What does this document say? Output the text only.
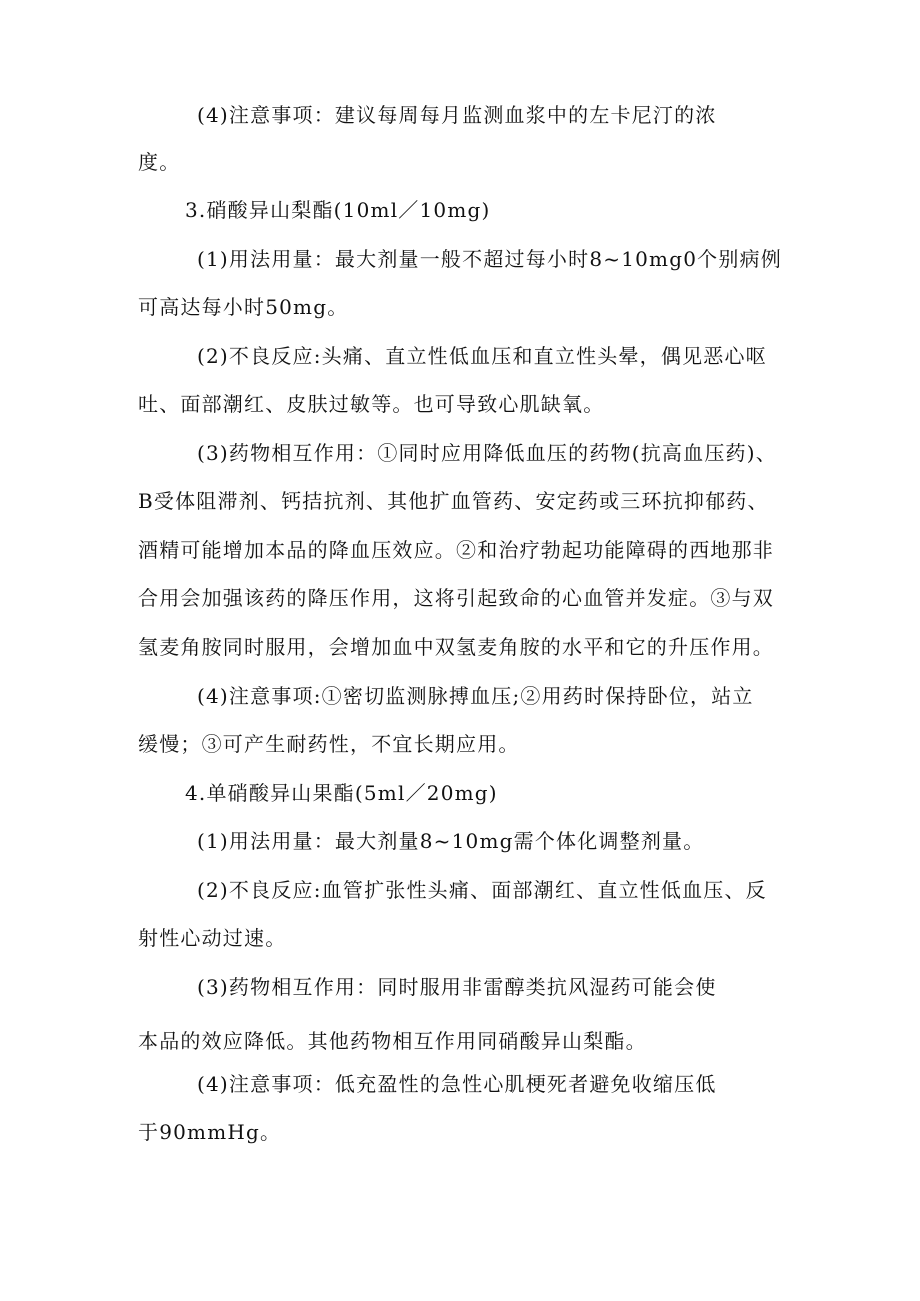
(4)注意事项：建议每周每月监测血浆中的左卡尼汀的浓
度。
3.硝酸异山梨酯(10ml／10mg)
(1)用法用量：最大剂量一般不超过每小时8~10mg0个别病例
可高达每小时50mg。
(2)不良反应:头痛、直立性低血压和直立性头晕，偶见恶心呕
吐、面部潮红、皮肤过敏等。也可导致心肌缺氧。
(3)药物相互作用：①同时应用降低血压的药物(抗高血压药)、
B受体阻滞剂、钙拮抗剂、其他扩血管药、安定药或三环抗抑郁药、
酒精可能增加本品的降血压效应。②和治疗勃起功能障碍的西地那非
合用会加强该药的降压作用，这将引起致命的心血管并发症。③与双
氢麦角胺同时服用，会增加血中双氢麦角胺的水平和它的升压作用。
(4)注意事项:①密切监测脉搏血压;②用药时保持卧位，站立
缓慢；③可产生耐药性，不宜长期应用。
4.单硝酸异山果酯(5ml／20mg)
(1)用法用量：最大剂量8~10mg需个体化调整剂量。
(2)不良反应:血管扩张性头痛、面部潮红、直立性低血压、反
射性心动过速。
(3)药物相互作用：同时服用非雷醇类抗风湿药可能会使
本品的效应降低。其他药物相互作用同硝酸异山梨酯。
(4)注意事项：低充盈性的急性心肌梗死者避免收缩压低
于90mmHg。
